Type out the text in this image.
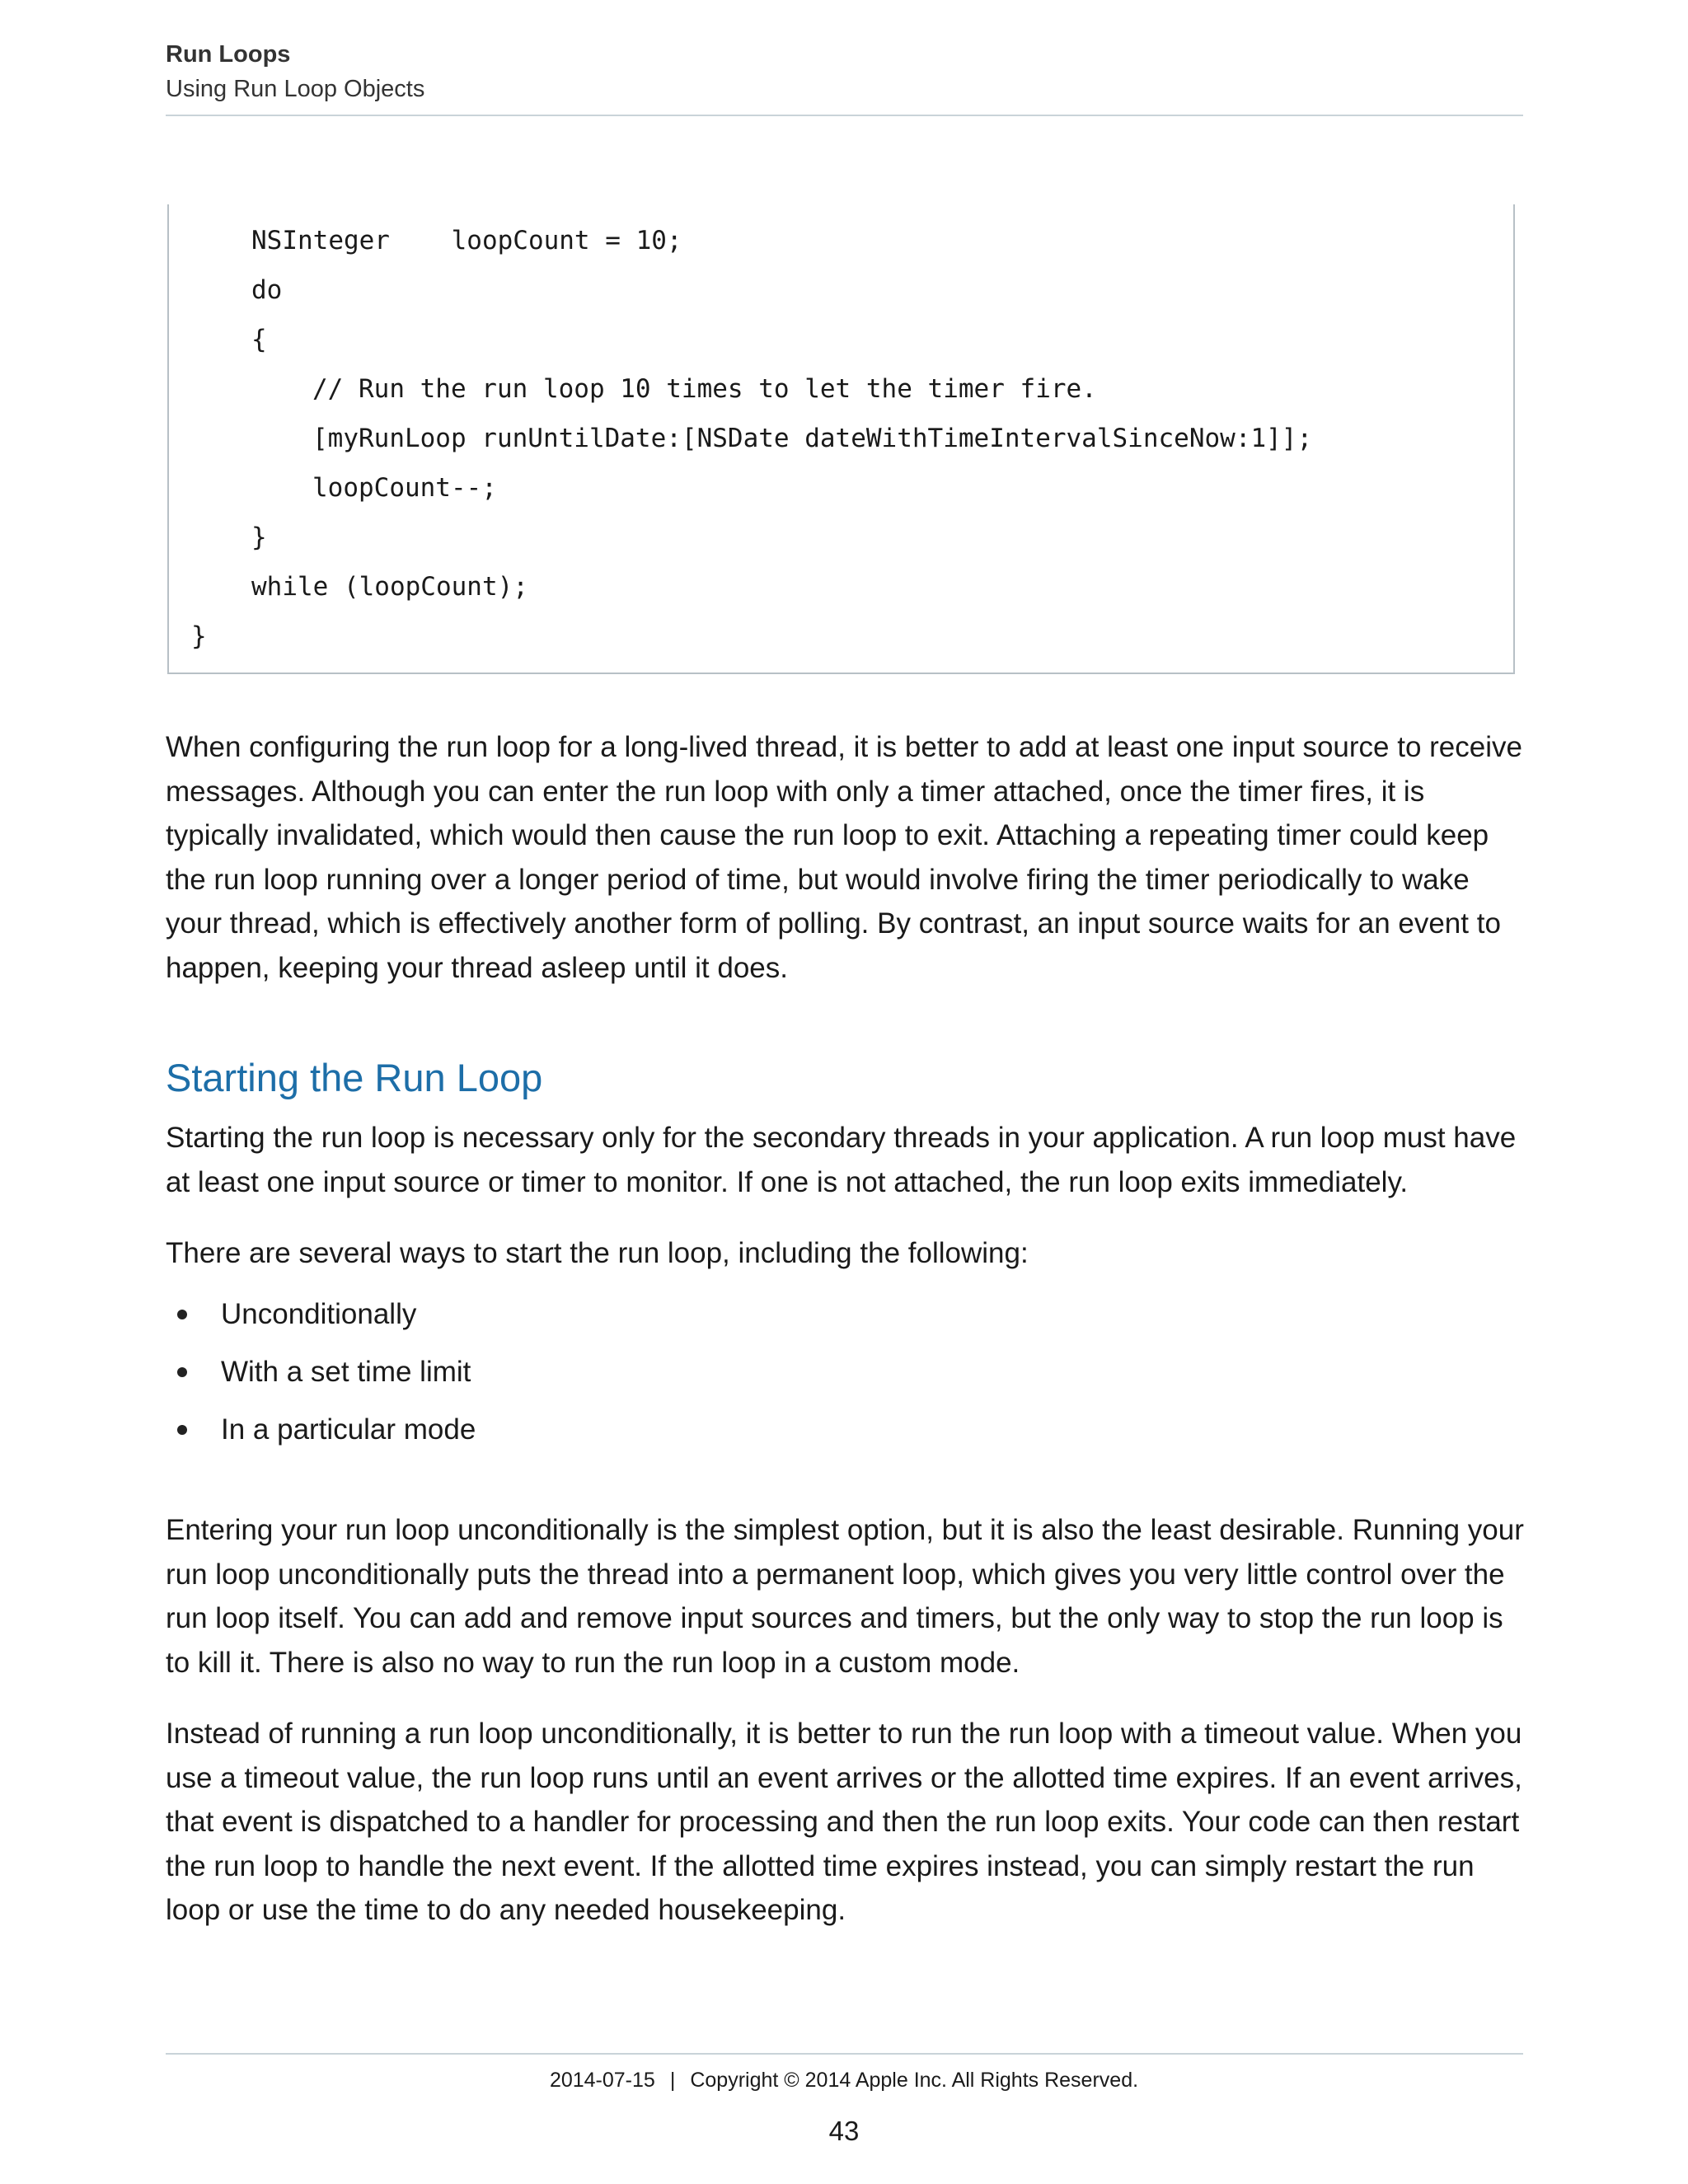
Run Loops
Using Run Loop Objects
NSInteger    loopCount = 10;
do
{
// Run the run loop 10 times to let the timer fire.
[myRunLoop runUntilDate:[NSDate dateWithTimeIntervalSinceNow:1]];
loopCount--;
}
while (loopCount);
}
When configuring the run loop for a long-lived thread, it is better to add at least one input source to receive messages. Although you can enter the run loop with only a timer attached, once the timer fires, it is typically invalidated, which would then cause the run loop to exit. Attaching a repeating timer could keep the run loop running over a longer period of time, but would involve firing the timer periodically to wake your thread, which is effectively another form of polling. By contrast, an input source waits for an event to happen, keeping your thread asleep until it does.
Starting the Run Loop
Starting the run loop is necessary only for the secondary threads in your application. A run loop must have at least one input source or timer to monitor. If one is not attached, the run loop exits immediately.
There are several ways to start the run loop, including the following:
Unconditionally
With a set time limit
In a particular mode
Entering your run loop unconditionally is the simplest option, but it is also the least desirable. Running your run loop unconditionally puts the thread into a permanent loop, which gives you very little control over the run loop itself. You can add and remove input sources and timers, but the only way to stop the run loop is to kill it. There is also no way to run the run loop in a custom mode.
Instead of running a run loop unconditionally, it is better to run the run loop with a timeout value. When you use a timeout value, the run loop runs until an event arrives or the allotted time expires. If an event arrives, that event is dispatched to a handler for processing and then the run loop exits. Your code can then restart the run loop to handle the next event. If the allotted time expires instead, you can simply restart the run loop or use the time to do any needed housekeeping.
2014-07-15 | Copyright © 2014 Apple Inc. All Rights Reserved.
43
